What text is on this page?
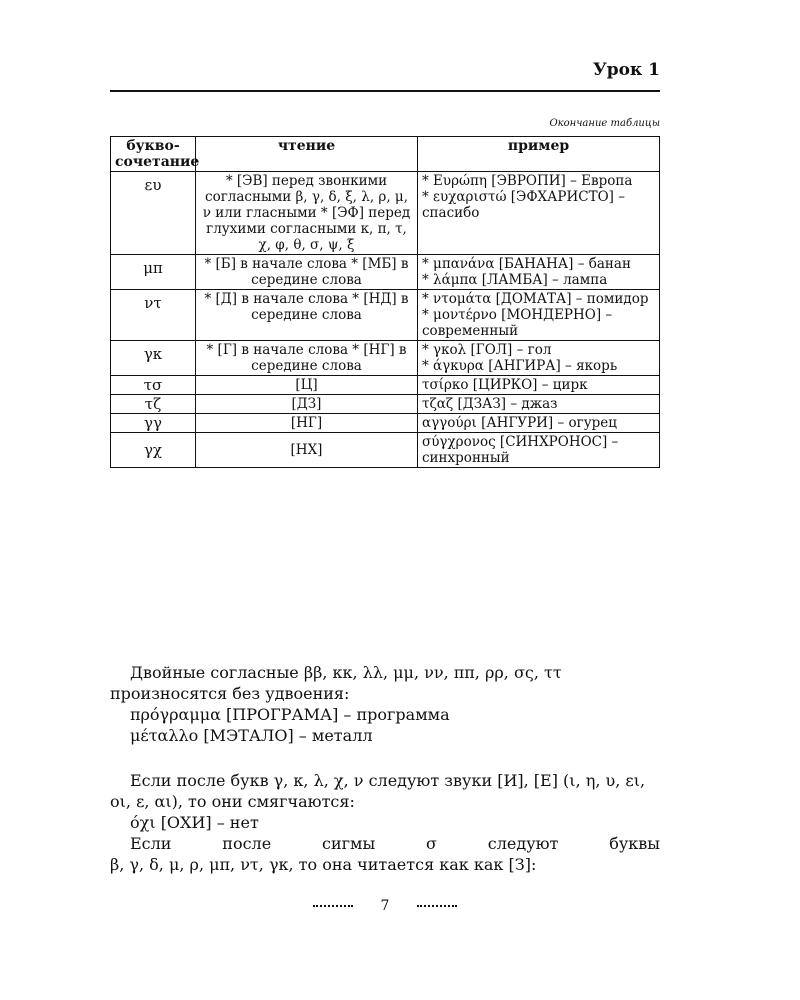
Урок 1
Окончание таблицы
букво-сочетание	чтение	пример
ευ	* [ЭВ] перед звонкими согласными β, γ, δ, ξ, λ, ρ, μ, ν или гласными * [ЭФ] перед глухими согласными κ, π, τ, χ, φ, θ, σ, ψ, ξ	* Ευρώπη [ЭВРОПИ] – Европа
* ευχαριστώ [ЭФХАРИСТО] – спасибо

μπ	* [Б] в начале слова * [МБ] в середине слова	* μπανάνα [БАНАНА] – банан
* λάμπα [ЛАМБА] – лампа

ντ	* [Д] в начале слова * [НД] в середине слова	* ντομάτα [ДОМАТА] – помидор
* μοντέρνο [МОНДЕРНО] – современный

γκ	* [Г] в начале слова * [НГ] в середине слова	* γκολ [ГОЛ] – гол
* άγκυρα [АНГИРА] – якорь

τσ	[Ц]	τσίρκο [ЦИРКО] – цирк

τζ	[ДЗ]	τζαζ [ДЗАЗ] – джаз

γγ	[НГ]	αγγούρι [АНГУРИ] – огурец

γχ	[НХ]	σύγχρονος [СИНХРОНОС] –синхронный

Двойные согласные ββ, κκ, λλ, μμ, νν, ππ, ρρ, σς, ττ произносятся без удвоения:

πρόγραμμα [ПРОГРАМА] – программа

μέταλλο [МЭТАЛО] – металл

Если после букв γ, κ, λ, χ, ν следуют звуки [И], [Е] (ι, η, υ, ει, οι, ε, αι), то они смягчаются:

όχι [ОХИ] – нет

Если после сигмы σ следуют буквы

β, γ, δ, μ, ρ, μπ, ντ, γκ, то она читается как как [З]:

7
